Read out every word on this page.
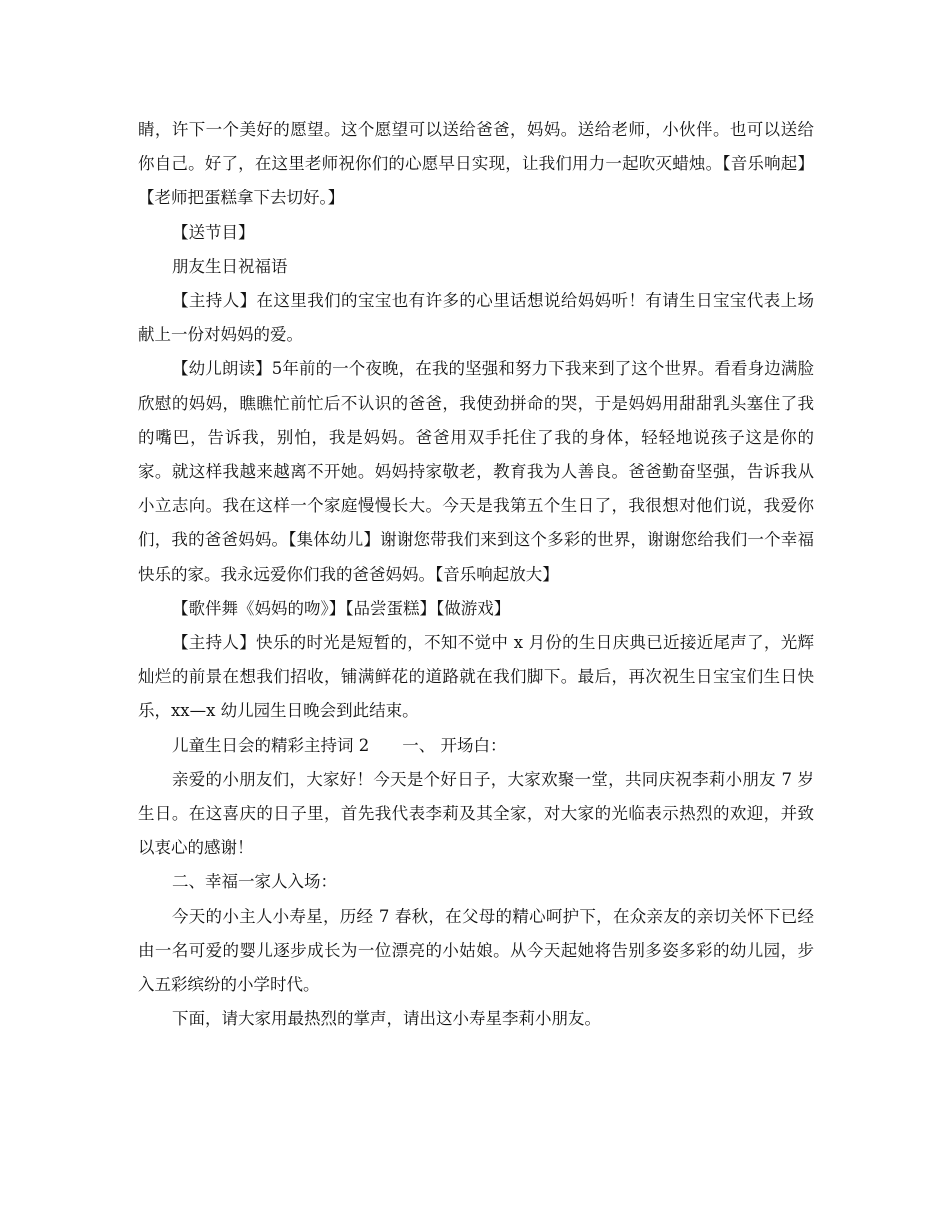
睛，许下一个美好的愿望。这个愿望可以送给爸爸，妈妈。送给老师，小伙伴。也可以送给你自己。好了，在这里老师祝你们的心愿早日实现，让我们用力一起吹灭蜡烛。【音乐响起】【老师把蛋糕拿下去切好。】

【送节目】

朋友生日祝福语

【主持人】在这里我们的宝宝也有许多的心里话想说给妈妈听！有请生日宝宝代表上场献上一份对妈妈的爱。

【幼儿朗读】5年前的一个夜晚，在我的坚强和努力下我来到了这个世界。看看身边满脸欣慰的妈妈，瞧瞧忙前忙后不认识的爸爸，我使劲拼命的哭，于是妈妈用甜甜乳头塞住了我的嘴巴，告诉我，别怕，我是妈妈。爸爸用双手托住了我的身体，轻轻地说孩子这是你的家。就这样我越来越离不开她。妈妈持家敬老，教育我为人善良。爸爸勤奋坚强，告诉我从小立志向。我在这样一个家庭慢慢长大。今天是我第五个生日了，我很想对他们说，我爱你们，我的爸爸妈妈。【集体幼儿】谢谢您带我们来到这个多彩的世界，谢谢您给我们一个幸福快乐的家。我永远爱你们我的爸爸妈妈。【音乐响起放大】

【歌伴舞《妈妈的吻》】【品尝蛋糕】【做游戏】

【主持人】快乐的时光是短暂的，不知不觉中 x 月份的生日庆典已近接近尾声了，光辉灿烂的前景在想我们招收，铺满鲜花的道路就在我们脚下。最后，再次祝生日宝宝们生日快乐，xx—x 幼儿园生日晚会到此结束。

儿童生日会的精彩主持词 2　　一、 开场白：

亲爱的小朋友们，大家好！今天是个好日子，大家欢聚一堂，共同庆祝李莉小朋友 7 岁生日。在这喜庆的日子里，首先我代表李莉及其全家，对大家的光临表示热烈的欢迎，并致以衷心的感谢！

二、幸福一家人入场：

今天的小主人小寿星，历经 7 春秋，在父母的精心呵护下，在众亲友的亲切关怀下已经由一名可爱的婴儿逐步成长为一位漂亮的小姑娘。从今天起她将告别多姿多彩的幼儿园，步入五彩缤纷的小学时代。

下面，请大家用最热烈的掌声，请出这小寿星李莉小朋友。
